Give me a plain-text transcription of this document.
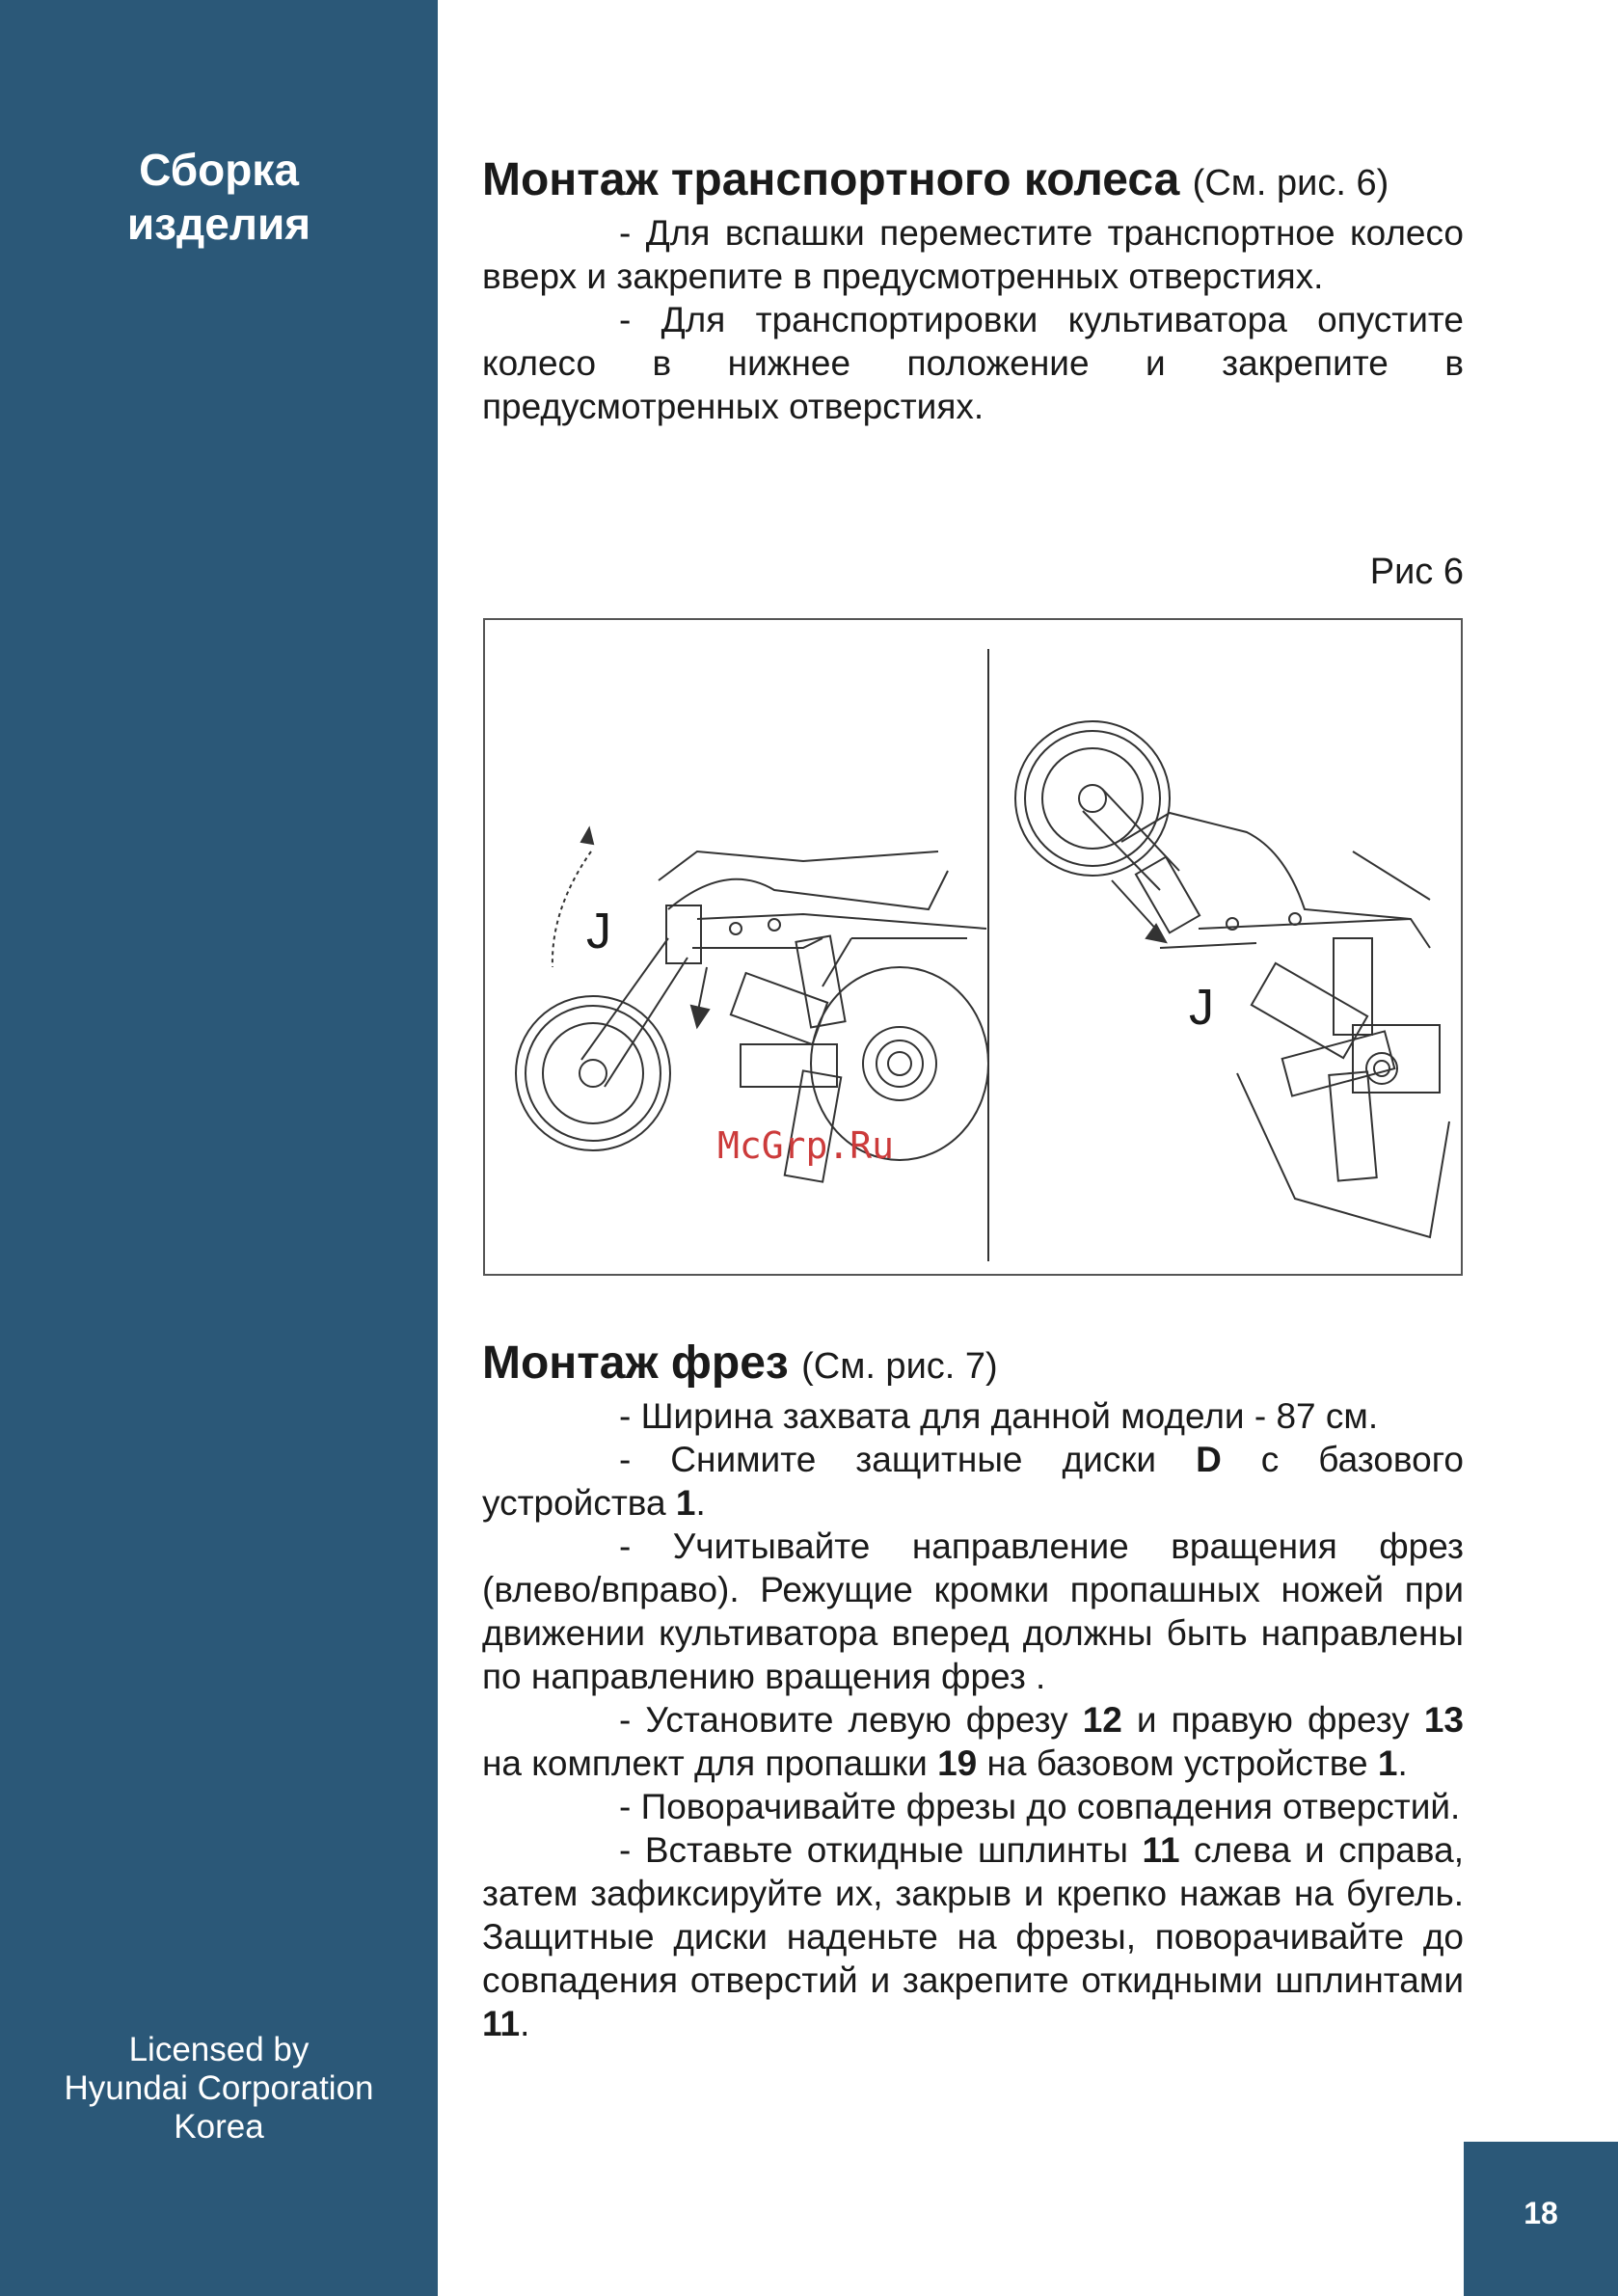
Сборка
изделия
Licensed by
Hyundai Corporation
Korea
Монтаж транспортного колеса (См. рис. 6)

- Для вспашки переместите транспортное колесо вверх и закрепите в предусмотренных отверстиях.

- Для транспортировки культиватора опустите колесо в нижнее положение и закрепите в предусмотренных отверстиях.

Рис 6
J
J
McGrp.Ru
Монтаж фрез (См. рис. 7)

- Ширина захвата для данной модели - 87 см.

- Снимите защитные диски D с базового устройства 1.

- Учитывайте направление вращения фрез (влево/вправо). Режущие кромки пропашных ножей при движении культиватора вперед должны быть направлены по направлению вращения фрез .

- Установите левую фрезу 12 и правую фрезу 13 на комплект для пропашки 19 на базовом устройстве 1.

- Поворачивайте фрезы до совпадения отверстий.

- Вставьте откидные шплинты 11 слева и справа, затем зафиксируйте их, закрыв и крепко нажав на бугель. Защитные диски наденьте на фрезы, поворачивайте до совпадения отверстий и закрепите откидными шплинтами 11.

18
